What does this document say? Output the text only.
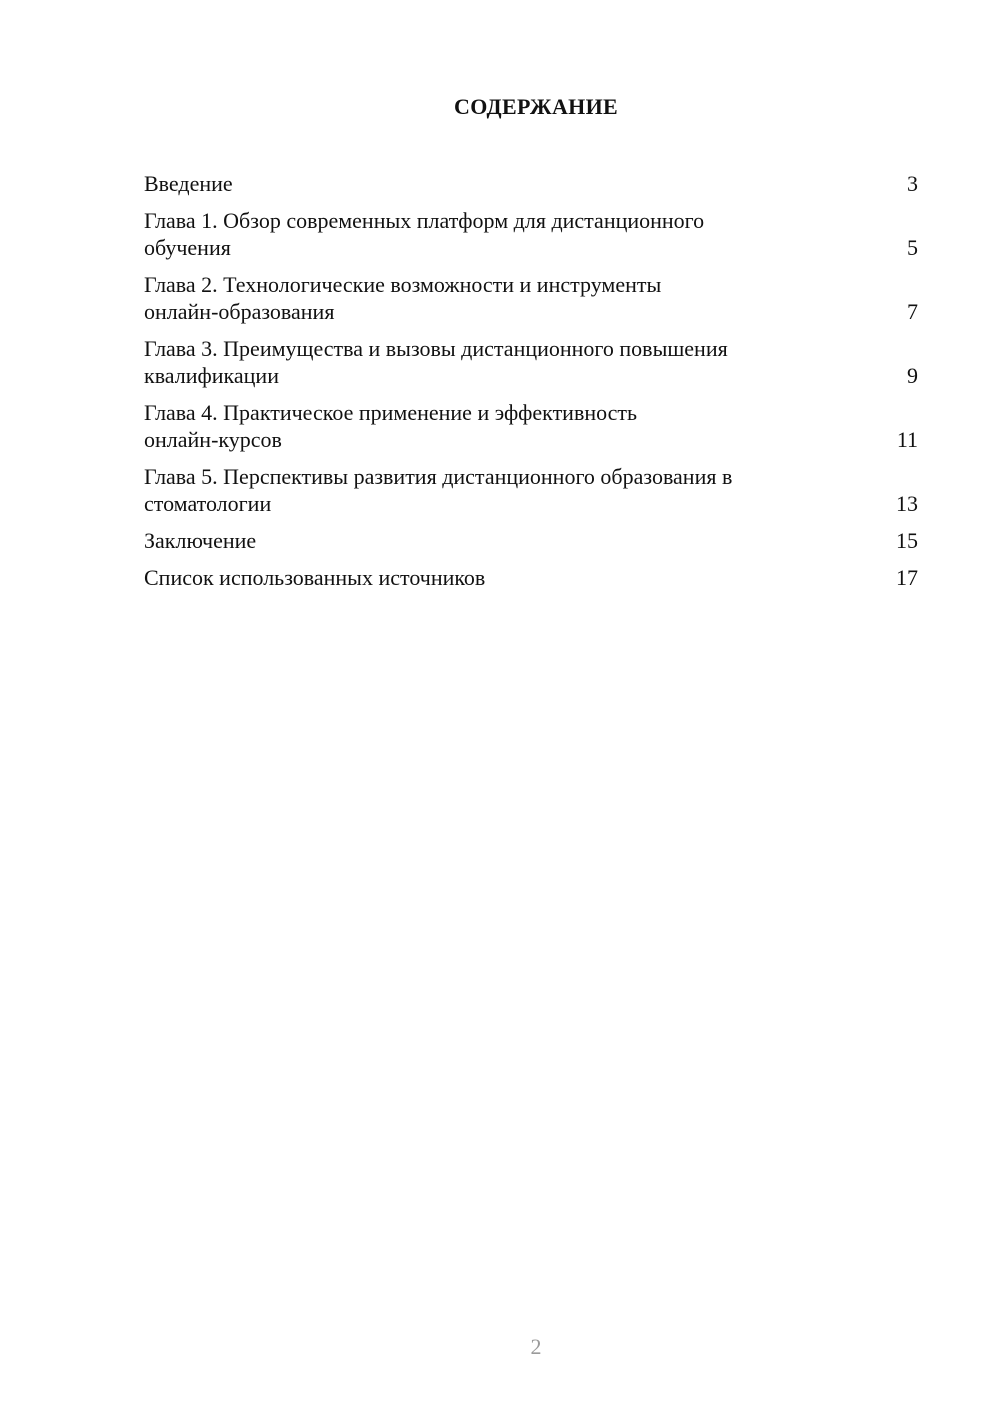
СОДЕРЖАНИЕ
Введение	3
Глава 1. Обзор современных платформ для дистанционного
обучения	5
Глава 2. Технологические возможности и инструменты
онлайн-образования	7
Глава 3. Преимущества и вызовы дистанционного повышения
квалификации	9
Глава 4. Практическое применение и эффективность
онлайн-курсов	11
Глава 5. Перспективы развития дистанционного образования в
стоматологии	13
Заключение	15
Список использованных источников	17
2
